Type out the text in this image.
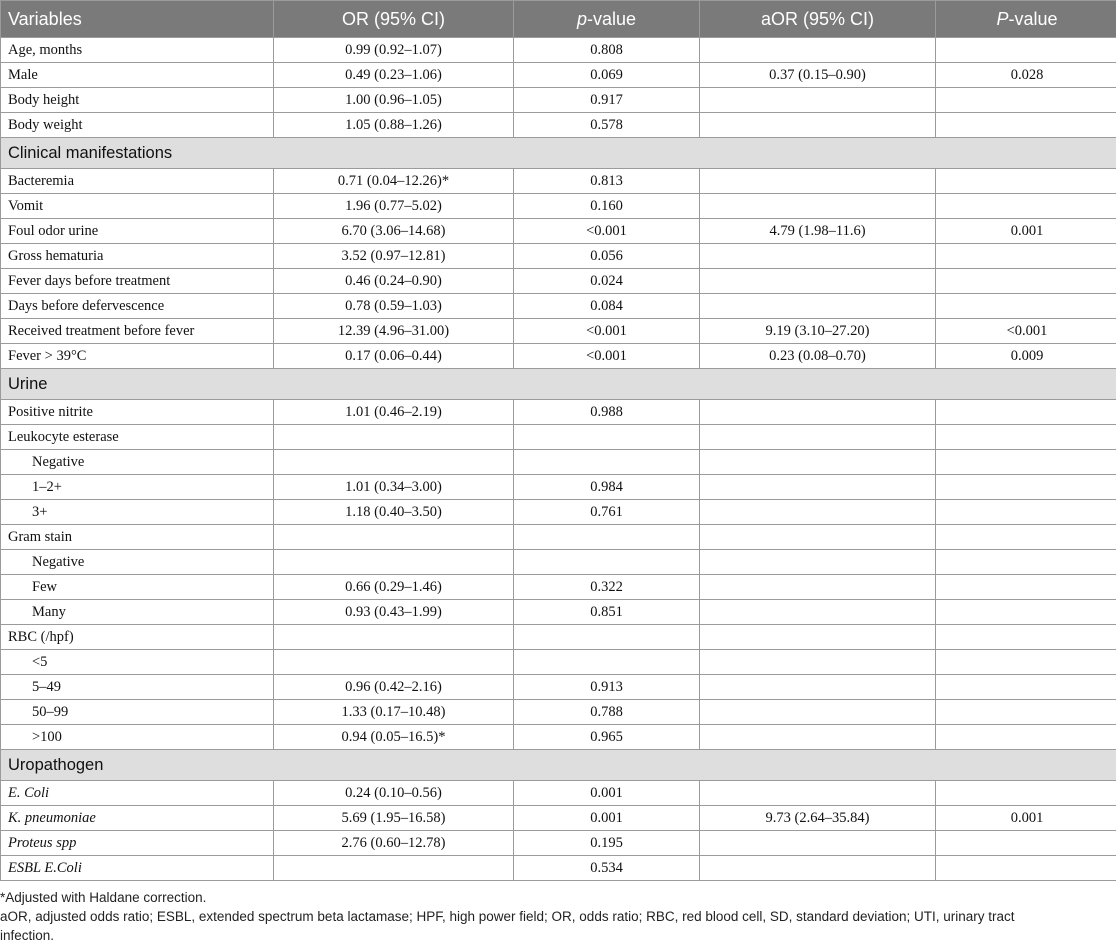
Variables	OR (95% CI)	p-value	aOR (95% CI)	P-value
Age, months	0.99 (0.92–1.07)	0.808		
Male	0.49 (0.23–1.06)	0.069	0.37 (0.15–0.90)	0.028
Body height	1.00 (0.96–1.05)	0.917		
Body weight	1.05 (0.88–1.26)	0.578		
Clinical manifestations				
Bacteremia	0.71 (0.04–12.26)*	0.813		
Vomit	1.96 (0.77–5.02)	0.160		
Foul odor urine	6.70 (3.06–14.68)	<0.001	4.79 (1.98–11.6)	0.001
Gross hematuria	3.52 (0.97–12.81)	0.056		
Fever days before treatment	0.46 (0.24–0.90)	0.024		
Days before defervescence	0.78 (0.59–1.03)	0.084		
Received treatment before fever	12.39 (4.96–31.00)	<0.001	9.19 (3.10–27.20)	<0.001
Fever > 39°C	0.17 (0.06–0.44)	<0.001	0.23 (0.08–0.70)	0.009
Urine				
Positive nitrite	1.01 (0.46–2.19)	0.988		
Leukocyte esterase				
Negative				
1–2+	1.01 (0.34–3.00)	0.984		
3+	1.18 (0.40–3.50)	0.761		
Gram stain				
Negative				
Few	0.66 (0.29–1.46)	0.322		
Many	0.93 (0.43–1.99)	0.851		
RBC (/hpf)				
<5				
5–49	0.96 (0.42–2.16)	0.913		
50–99	1.33 (0.17–10.48)	0.788		
>100	0.94 (0.05–16.5)*	0.965		
Uropathogen				
E. Coli	0.24 (0.10–0.56)	0.001		
K. pneumoniae	5.69 (1.95–16.58)	0.001	9.73 (2.64–35.84)	0.001
Proteus spp	2.76 (0.60–12.78)	0.195		
ESBL E.Coli		0.534		
*Adjusted with Haldane correction.
aOR, adjusted odds ratio; ESBL, extended spectrum beta lactamase; HPF, high power field; OR, odds ratio; RBC, red blood cell, SD, standard deviation; UTI, urinary tract
infection.
